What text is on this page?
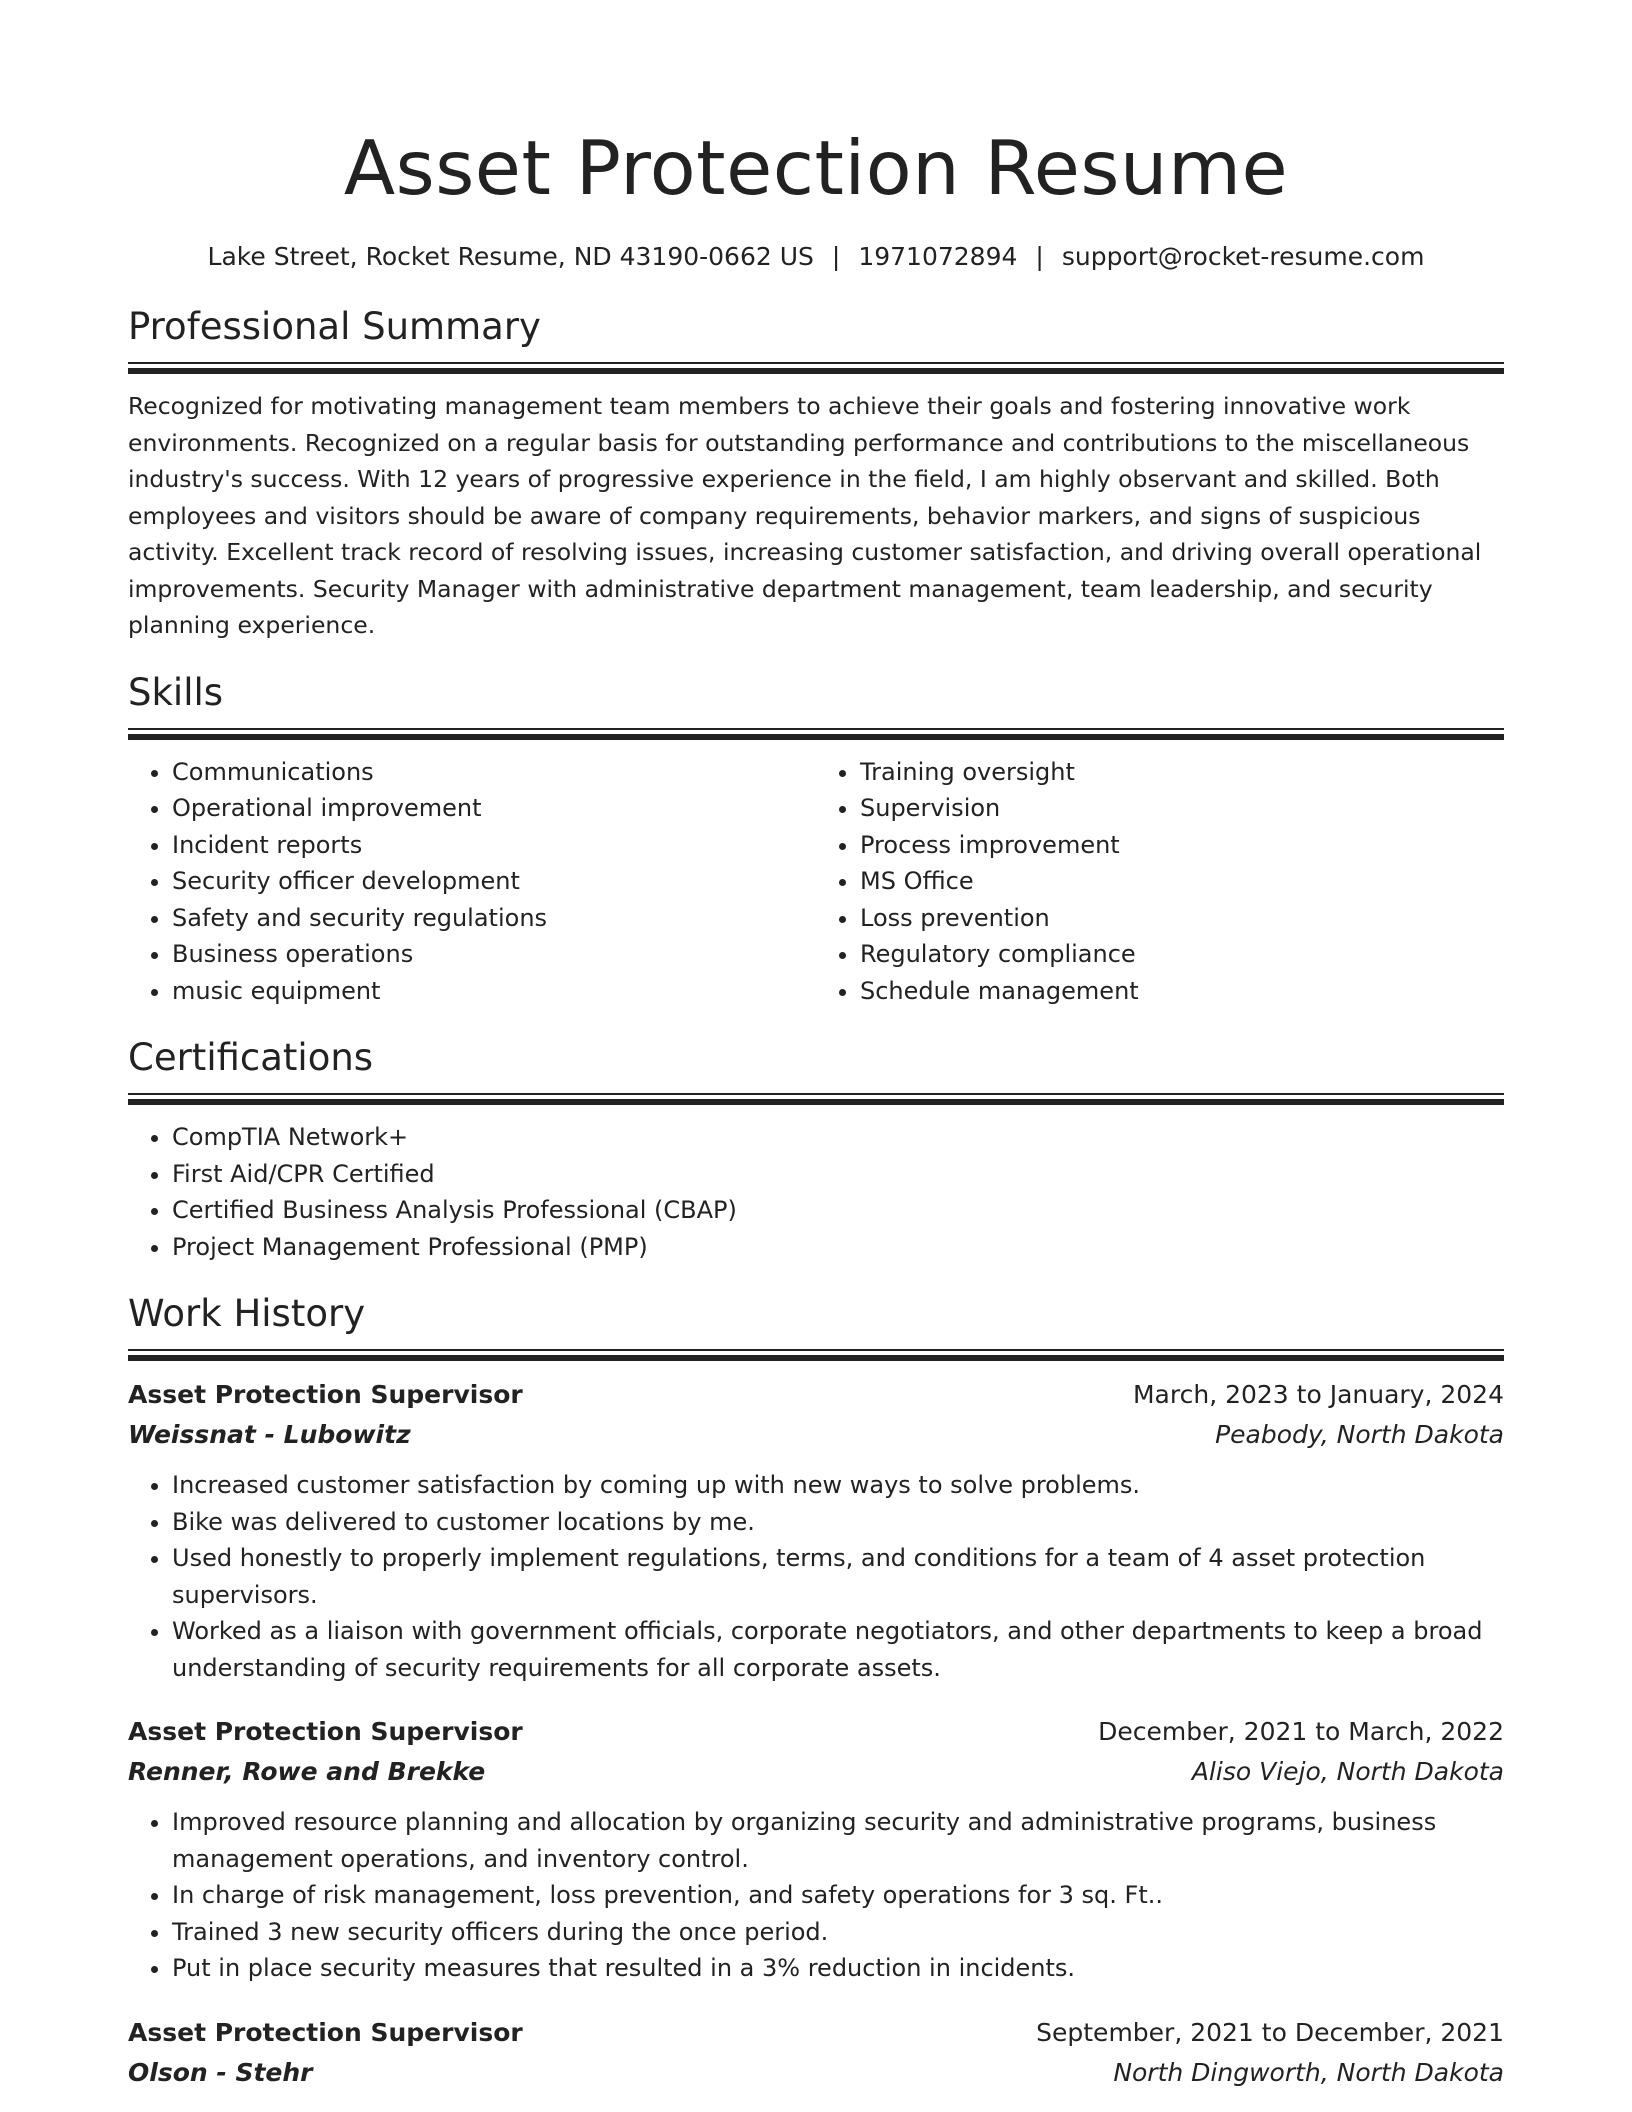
Asset Protection Resume
Lake Street, Rocket Resume, ND 43190-0662 US | 1971072894 | support@rocket-resume.com
Professional Summary

Recognized for motivating management team members to achieve their goals and fostering innovative work environments. Recognized on a regular basis for outstanding performance and contributions to the miscellaneous industry's success. With 12 years of progressive experience in the field, I am highly observant and skilled. Both employees and visitors should be aware of company requirements, behavior markers, and signs of suspicious activity. Excellent track record of resolving issues, increasing customer satisfaction, and driving overall operational improvements. Security Manager with administrative department management, team leadership, and security planning experience.

Skills
• Communications
• Operational improvement
• Incident reports
• Security officer development
• Safety and security regulations
• Business operations
• music equipment
• Training oversight
• Supervision
• Process improvement
• MS Office
• Loss prevention
• Regulatory compliance
• Schedule management
Certifications
• CompTIA Network+
• First Aid/CPR Certified
• Certified Business Analysis Professional (CBAP)
• Project Management Professional (PMP)
Work History
Asset Protection Supervisor	March, 2023 to January, 2024
Weissnat - Lubowitz	Peabody, North Dakota
• Increased customer satisfaction by coming up with new ways to solve problems.
• Bike was delivered to customer locations by me.
• Used honestly to properly implement regulations, terms, and conditions for a team of 4 asset protection supervisors.
• Worked as a liaison with government officials, corporate negotiators, and other departments to keep a broad understanding of security requirements for all corporate assets.
Asset Protection Supervisor	December, 2021 to March, 2022
Renner, Rowe and Brekke	Aliso Viejo, North Dakota
• Improved resource planning and allocation by organizing security and administrative programs, business management operations, and inventory control.
• In charge of risk management, loss prevention, and safety operations for 3 sq. Ft..
• Trained 3 new security officers during the once period.
• Put in place security measures that resulted in a 3% reduction in incidents.
Asset Protection Supervisor	September, 2021 to December, 2021
Olson - Stehr	North Dingworth, North Dakota
